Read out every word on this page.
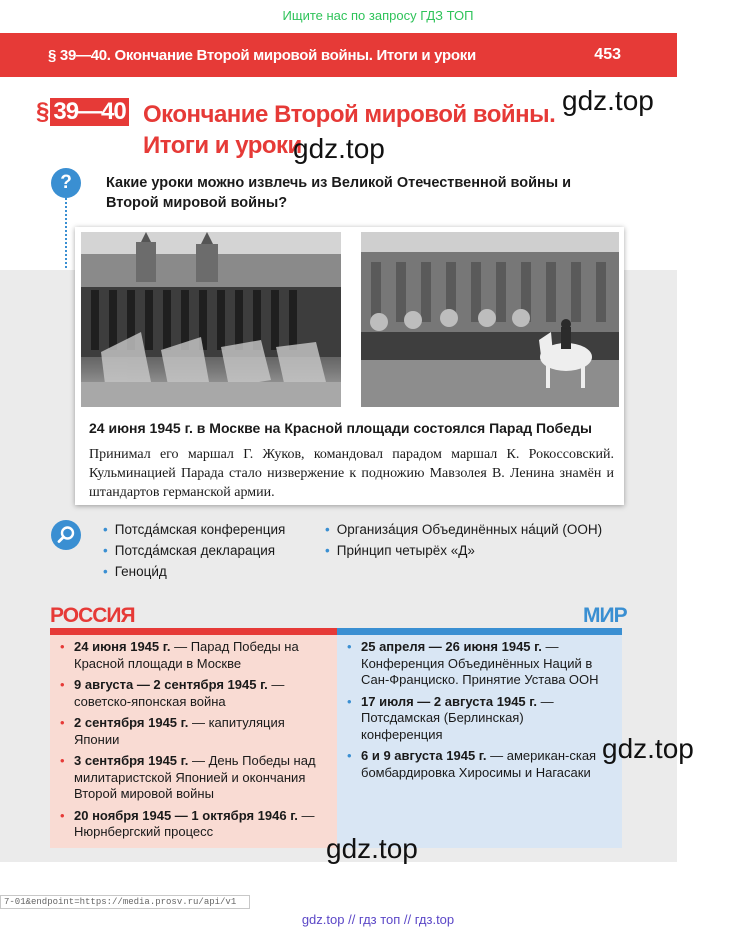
Ищите нас по запросу ГДЗ ТОП
§ 39—40. Окончание Второй мировой войны. Итоги и уроки	453
§ 39—40 Окончание Второй мировой войны.
Итоги и уроки
gdz.top
gdz.top
?	Какие уроки можно извлечь из Великой Отечественной войны и Второй мировой войны?
24 июня 1945 г. в Москве на Красной площади состоялся Парад Победы
Принимал его маршал Г. Жуков, командовал парадом маршал К. Рокоссовский. Кульминацией Парада стало низвержение к подножию Мавзолея В. Ленина знамён и штандартов германской армии.
• Потсда́мская конференция
• Потсда́мская декларация
• Геноци́д
• Организа́ция Объединённых на́ций (ООН)
• При́нцип четырёх «Д»
РОССИЯ	МИР
• 24 июня 1945 г. — Парад Победы на Красной площади в Москве
• 9 августа — 2 сентября 1945 г. — советско-японская война
• 2 сентября 1945 г. — капитуляция Японии
• 3 сентября 1945 г. — День Победы над милитаристской Японией и окончания Второй мировой войны
• 20 ноября 1945 — 1 октября 1946 г. — Нюрнбергский процесс
• 25 апреля — 26 июня 1945 г. — Конференция Объединённых Наций в Сан-Франциско. Принятие Устава ООН
• 17 июля — 2 августа 1945 г. — Потсдамская (Берлинская) конференция
• 6 и 9 августа 1945 г. — американ-ская бомбардировка Хиросимы и Нагасаки
gdz.top
gdz.top
7-01&endpoint=https://media.prosv.ru/api/v1
gdz.top // гдз топ // гдз.top
